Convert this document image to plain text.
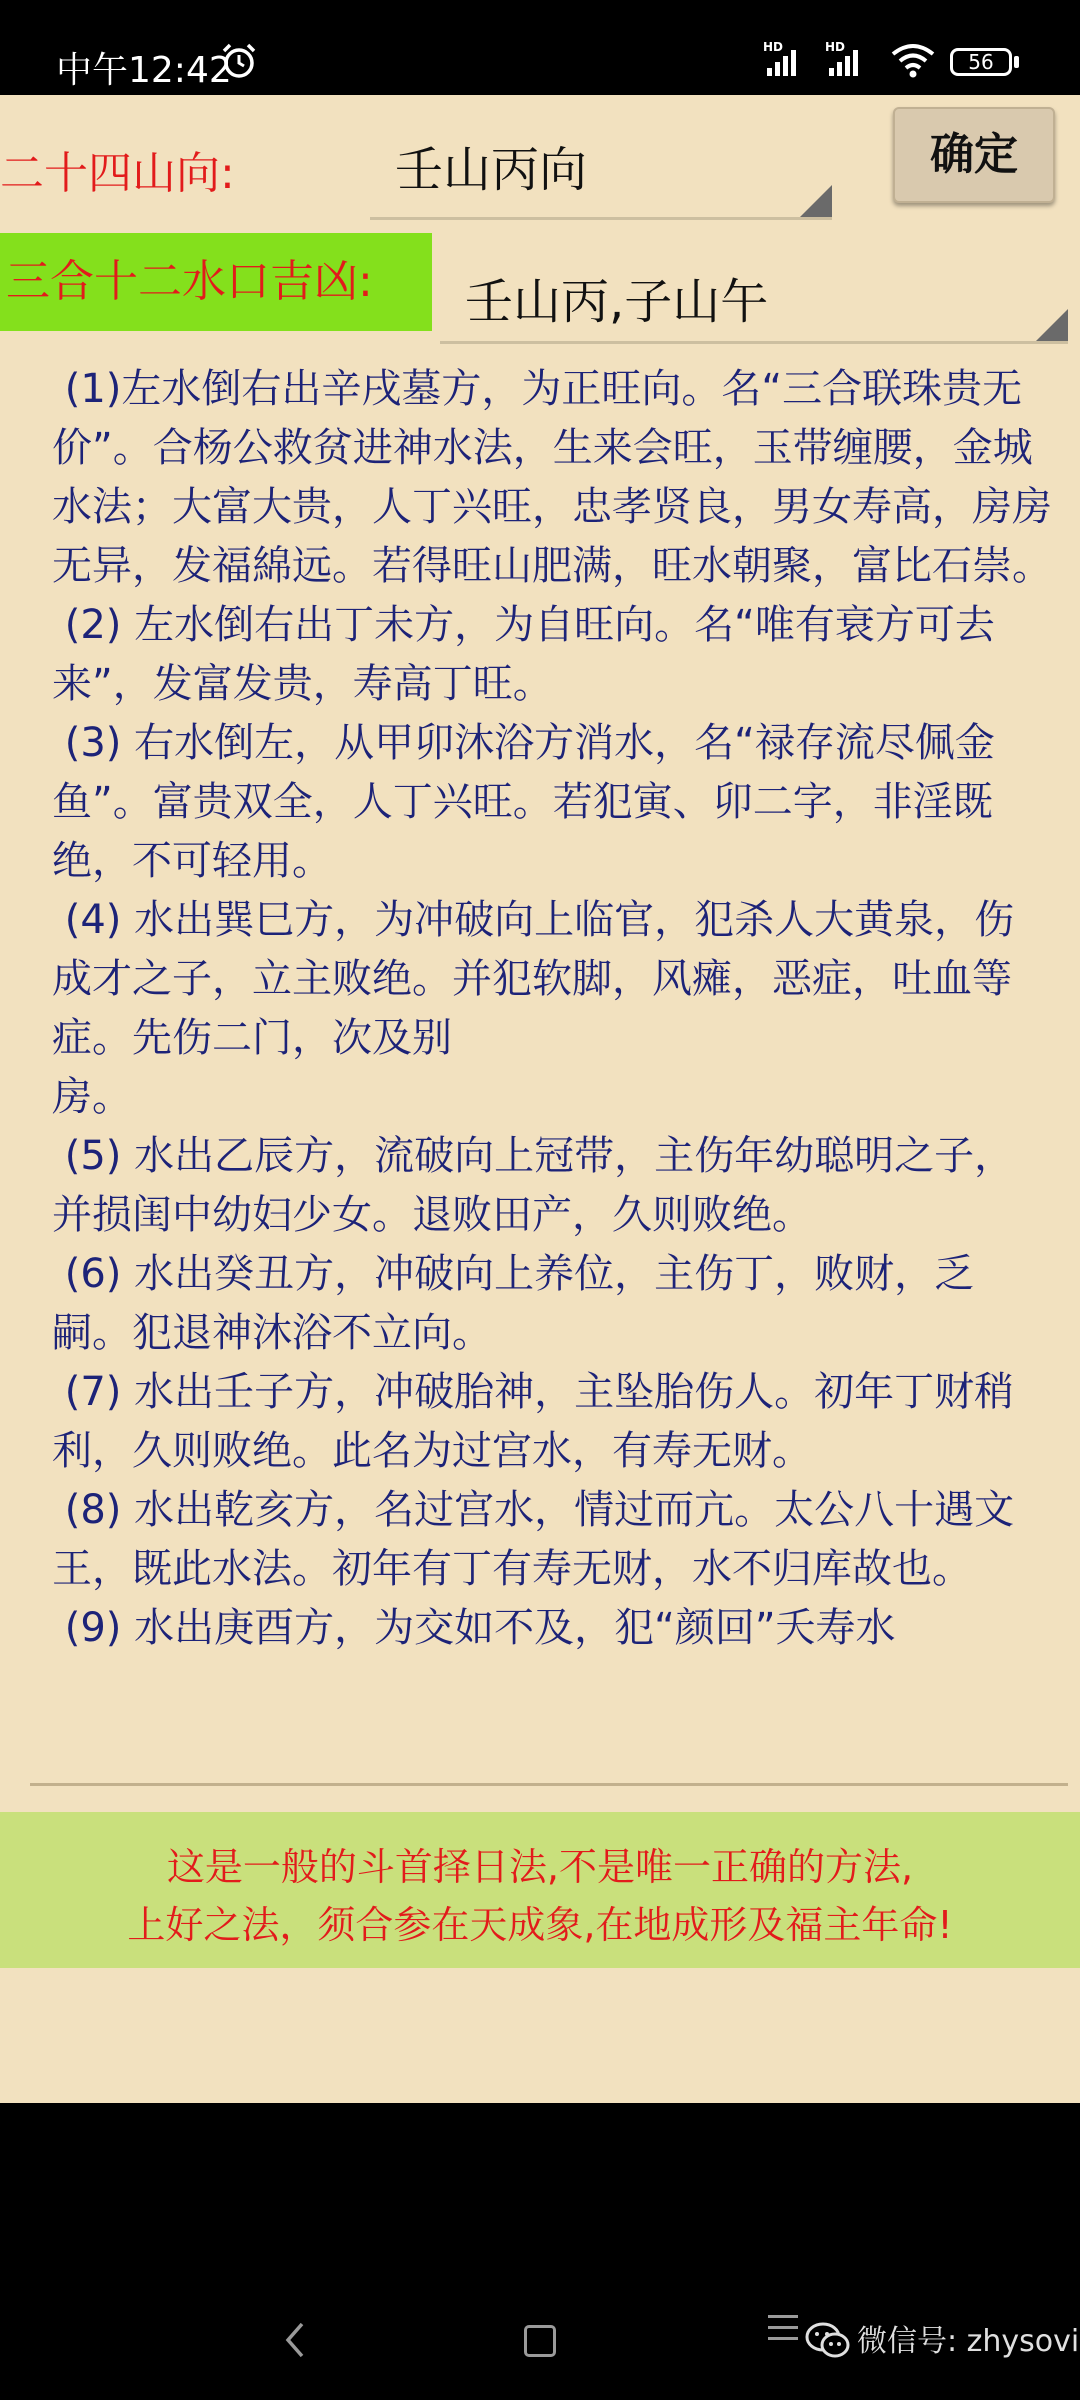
中午12:42
HD	HD
56
二十四山向:	壬山丙向	确定
三合十二水口吉凶:	壬山丙,子山午

(1)左水倒右出辛戌墓方，为正旺向。名“三合联珠贵无价”。合杨公救贫进神水法，生来会旺，玉带缠腰，金城水法；大富大贵，人丁兴旺，忠孝贤良，男女寿高，房房无异，发福綿远。若得旺山肥满，旺水朝聚，富比石崇。

(2) 左水倒右出丁未方，为自旺向。名“唯有衰方可去来”，发富发贵，寿高丁旺。

(3) 右水倒左，从甲卯沐浴方消水，名“禄存流尽佩金鱼”。富贵双全，人丁兴旺。若犯寅、卯二字，非淫既绝，不可轻用。

(4) 水出巽巳方，为冲破向上临官，犯杀人大黄泉，伤成才之子，立主败绝。并犯软脚，风瘫，恶症，吐血等症。先伤二门，次及别
房。

(5) 水出乙辰方，流破向上冠带，主伤年幼聪明之子，并损闺中幼妇少女。退败田产，久则败绝。

(6) 水出癸丑方，冲破向上养位，主伤丁，败财，乏嗣。犯退神沐浴不立向。

(7) 水出壬子方，冲破胎神，主坠胎伤人。初年丁财稍利，久则败绝。此名为过宫水，有寿无财。

(8) 水出乾亥方，名过宫水，情过而亢。太公八十遇文王，既此水法。初年有丁有寿无财，水不归库故也。

(9) 水出庚酉方，为交如不及，犯“颜回”夭寿水

这是一般的斗首择日法,不是唯一正确的方法,
上好之法，须合参在天成象,在地成形及福主年命!
微信号: zhysovi
